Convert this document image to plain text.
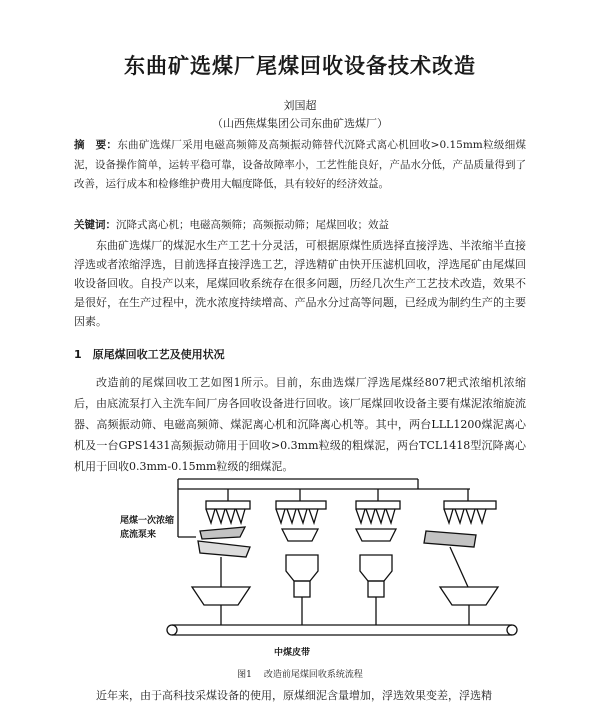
东曲矿选煤厂尾煤回收设备技术改造
刘国超
（山西焦煤集团公司东曲矿选煤厂）

摘　要：东曲矿选煤厂采用电磁高频筛及高频振动筛替代沉降式离心机回收>0.15mm粒级细煤泥，设备操作简单，运转平稳可靠，设备故障率小，工艺性能良好，产品水分低，产品质量得到了改善，运行成本和检修维护费用大幅度降低，具有较好的经济效益。

关键词：沉降式离心机；电磁高频筛；高频振动筛；尾煤回收；效益

东曲矿选煤厂的煤泥水生产工艺十分灵活，可根据原煤性质选择直接浮选、半浓缩半直接浮选或者浓缩浮选，目前选择直接浮选工艺，浮选精矿由快开压滤机回收，浮选尾矿由尾煤回收设备回收。自投产以来，尾煤回收系统存在很多问题，历经几次生产工艺技术改造，效果不是很好，在生产过程中，洗水浓度持续增高、产品水分过高等问题，已经成为制约生产的主要因素。

1　原尾煤回收工艺及使用状况

改造前的尾煤回收工艺如图1所示。目前，东曲选煤厂浮选尾煤经807耙式浓缩机浓缩后，由底流泵打入主洗车间厂房各回收设备进行回收。该厂尾煤回收设备主要有煤泥浓缩旋流器、高频振动筛、电磁高频筛、煤泥离心机和沉降离心机等。其中，两台LLL1200煤泥离心机及一台GPS1431高频振动筛用于回收>0.3mm粒级的粗煤泥，两台TCL1418型沉降离心机用于回收0.3mm-0.15mm粒级的细煤泥。

尾煤一次浓缩
底流泵来
中煤皮带
图1 改造前尾煤回收系统流程

近年来，由于高科技采煤设备的使用，原煤细泥含量增加，浮选效果变差，浮选精
